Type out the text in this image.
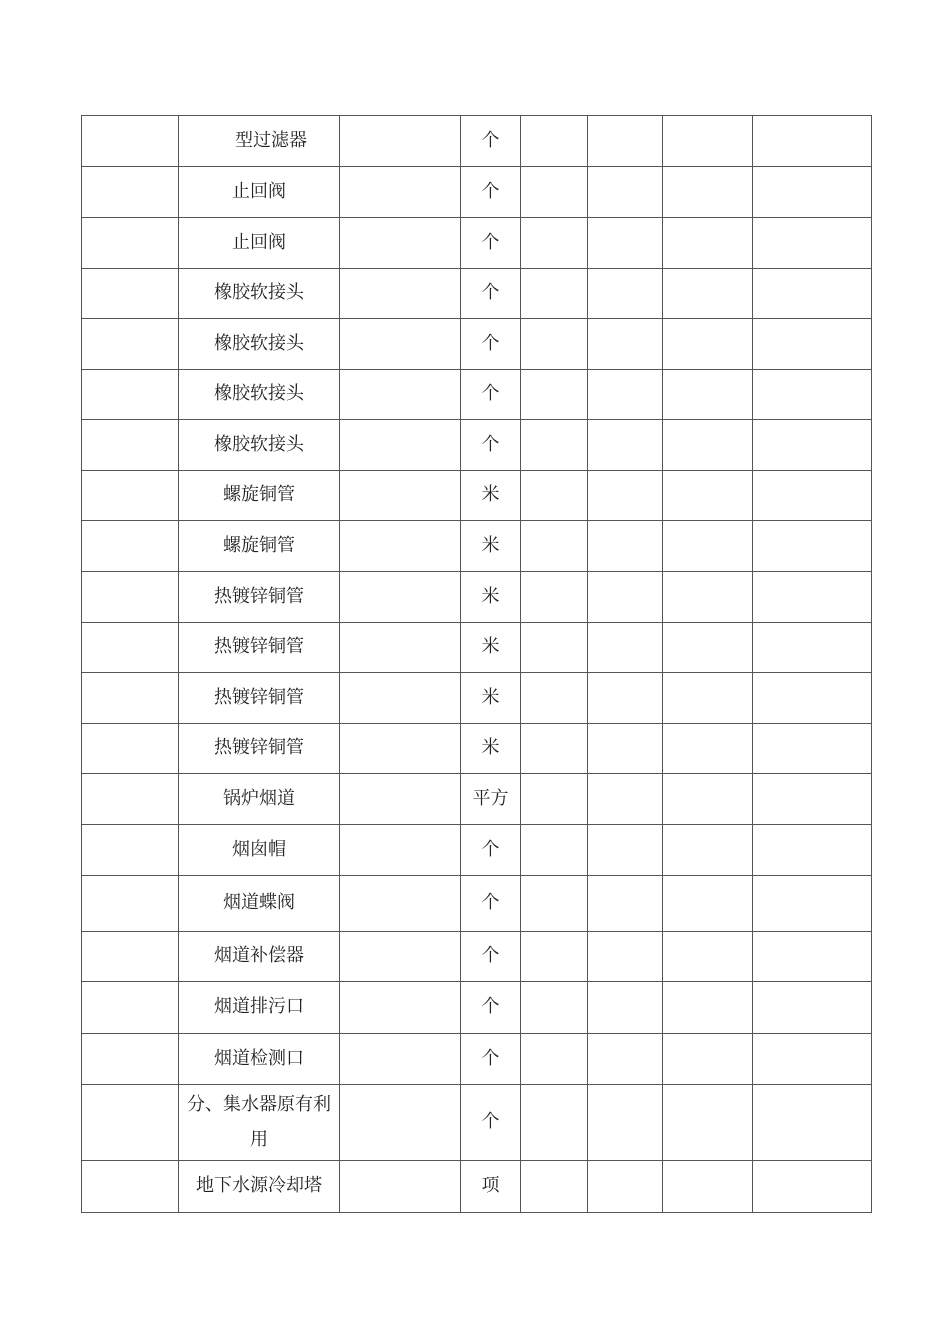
	型过滤器		个				
	止回阀		个				
	止回阀		个				
	橡胶软接头		个				
	橡胶软接头		个				
	橡胶软接头		个				
	橡胶软接头		个				
	螺旋铜管		米				
	螺旋铜管		米				
	热镀锌铜管		米				
	热镀锌铜管		米				
	热镀锌铜管		米				
	热镀锌铜管		米				
	锅炉烟道		平方				
	烟囱帽		个				
	烟道蝶阀		个				
	烟道补偿器		个				
	烟道排污口		个				
	烟道检测口		个				
	分、集水器原有利用		个				
	地下水源冷却塔		项				
